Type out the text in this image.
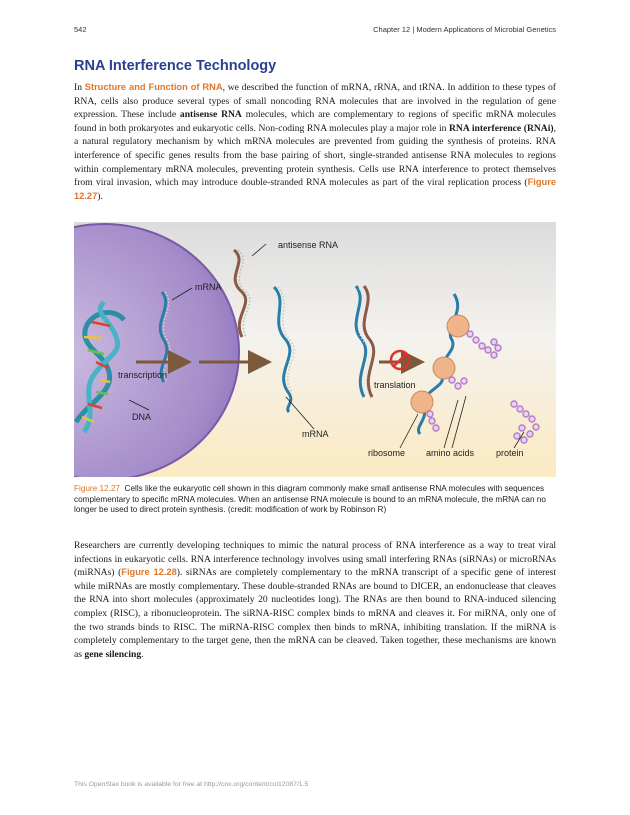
542	Chapter 12 | Modern Applications of Microbial Genetics
RNA Interference Technology

In Structure and Function of RNA, we described the function of mRNA, rRNA, and tRNA. In addition to these types of RNA, cells also produce several types of small noncoding RNA molecules that are involved in the regulation of gene expression. These include antisense RNA molecules, which are complementary to regions of specific mRNA molecules found in both prokaryotes and eukaryotic cells. Non-coding RNA molecules play a major role in RNA interference (RNAi), a natural regulatory mechanism by which mRNA molecules are prevented from guiding the synthesis of proteins. RNA interference of specific genes results from the base pairing of short, single-stranded antisense RNA molecules to regions within complementary mRNA molecules, preventing protein synthesis. Cells use RNA interference to protect themselves from viral invasion, which may introduce double-stranded RNA molecules as part of the viral replication process (Figure 12.27).

antisense RNA
mRNA
transcription
DNA
mRNA
translation
ribosome amino acids protein

Figure 12.27 Cells like the eukaryotic cell shown in this diagram commonly make small antisense RNA molecules with sequences complementary to specific mRNA molecules. When an antisense RNA molecule is bound to an mRNA molecule, the mRNA can no longer be used to direct protein synthesis. (credit: modification of work by Robinson R)

Researchers are currently developing techniques to mimic the natural process of RNA interference as a way to treat viral infections in eukaryotic cells. RNA interference technology involves using small interfering RNAs (siRNAs) or microRNAs (miRNAs) (Figure 12.28). siRNAs are completely complementary to the mRNA transcript of a specific gene of interest while miRNAs are mostly complementary. These double-stranded RNAs are bound to DICER, an endonuclease that cleaves the RNA into short molecules (approximately 20 nucleotides long). The RNAs are then bound to RNA-induced silencing complex (RISC), a ribonucleoprotein. The siRNA-RISC complex binds to mRNA and cleaves it. For miRNA, only one of the two strands binds to RISC. The miRNA-RISC complex then binds to mRNA, inhibiting translation. If the miRNA is completely complementary to the target gene, then the mRNA can be cleaved. Taken together, these mechanisms are known as gene silencing.

This OpenStax book is available for free at http://cnx.org/content/col12087/1.5
